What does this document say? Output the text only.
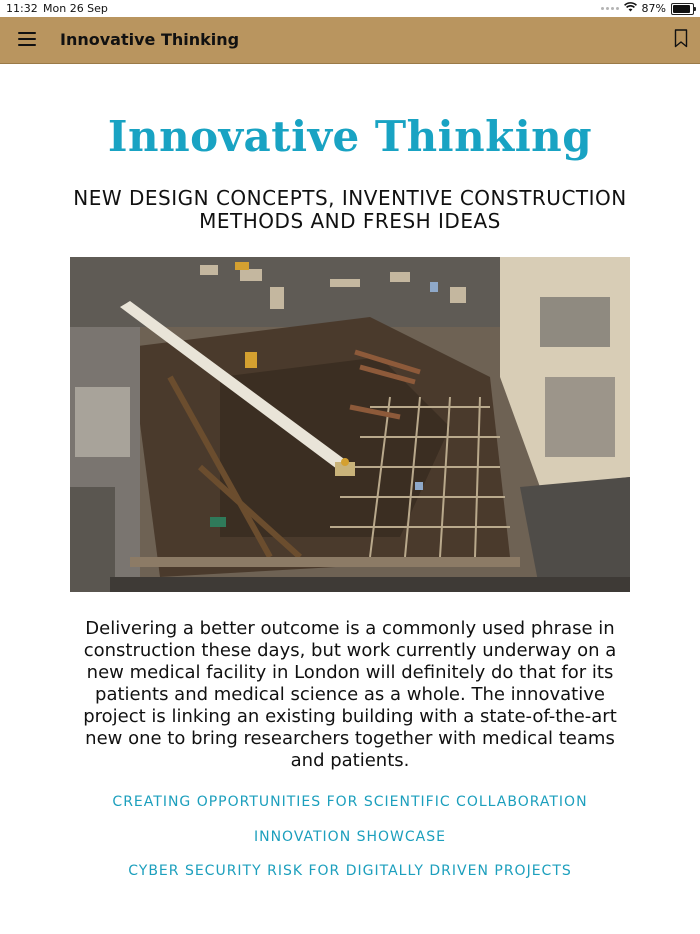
11:32 Mon 26 Sep	87%
Innovative Thinking
Innovative Thinking
NEW DESIGN CONCEPTS, INVENTIVE CONSTRUCTION METHODS AND FRESH IDEAS
Delivering a better outcome is a commonly used phrase in construction these days, but work currently underway on a new medical facility in London will definitely do that for its patients and medical science as a whole. The innovative project is linking an existing building with a state-of-the-art new one to bring researchers together with medical teams and patients.
CREATING OPPORTUNITIES FOR SCIENTIFIC COLLABORATION
INNOVATION SHOWCASE
CYBER SECURITY RISK FOR DIGITALLY DRIVEN PROJECTS
